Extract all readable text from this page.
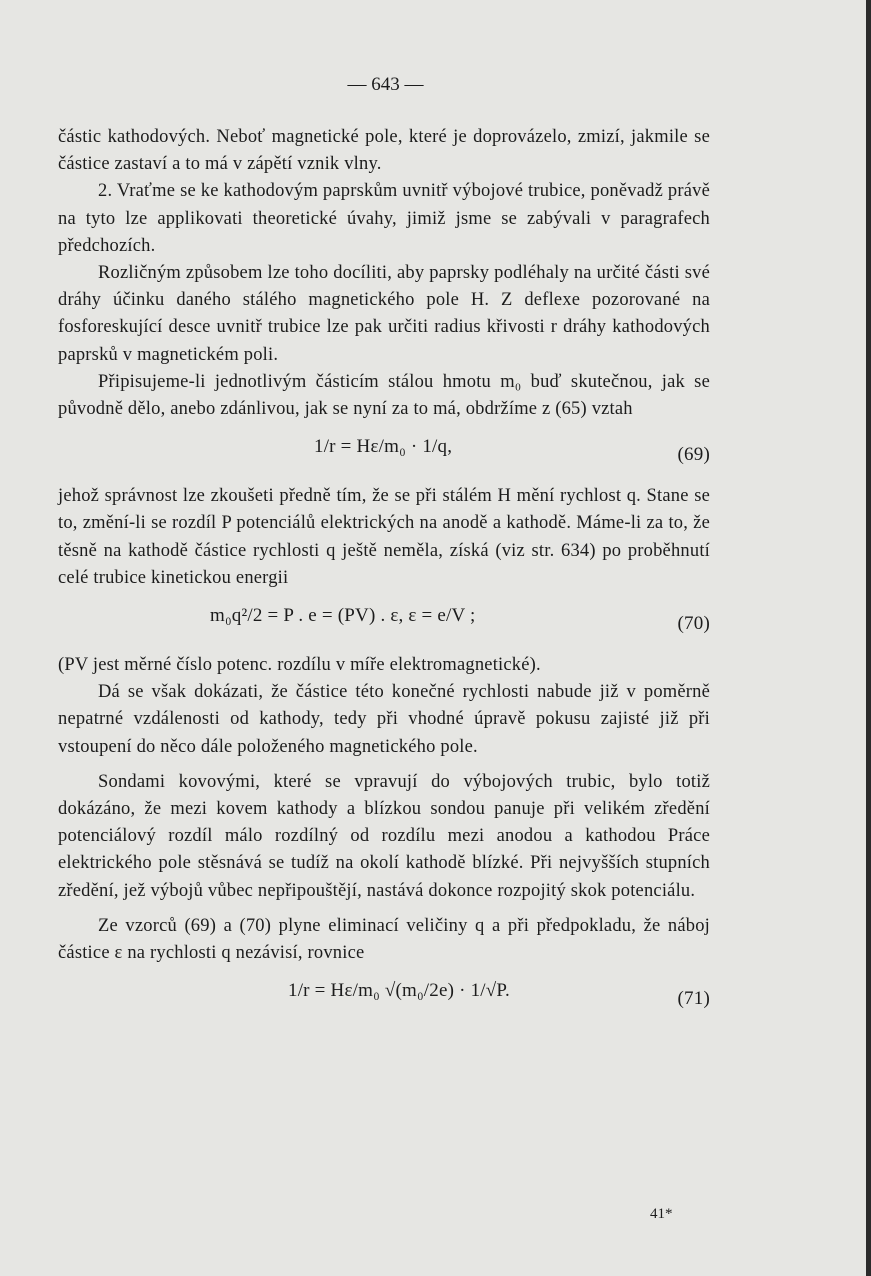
— 643 —

částic kathodových. Neboť magnetické pole, které je doprovázelo, zmizí, jakmile se částice zastaví a to má v zápětí vznik vlny.

2. Vraťme se ke kathodovým paprskům uvnitř výbojové trubice, poněvadž právě na tyto lze applikovati theoretické úvahy, jimiž jsme se zabývali v paragrafech předchozích.

Rozličným způsobem lze toho docíliti, aby paprsky podléhaly na určité části své dráhy účinku daného stálého magnetického pole H. Z deflexe pozorované na fosforeskující desce uvnitř trubice lze pak určiti radius křivosti r dráhy kathodových paprsků v magnetickém poli.

Připisujeme-li jednotlivým částicím stálou hmotu m₀ buď skutečnou, jak se původně dělo, anebo zdánlivou, jak se nyní za to má, obdržíme z (65) vztah

1/r = Hε/m₀ · 1/q,	(69)

jehož správnost lze zkoušeti předně tím, že se při stálém H mění rychlost q. Stane se to, změní-li se rozdíl P potenciálů elektrických na anodě a kathodě. Máme-li za to, že těsně na kathodě částice rychlosti q ještě neměla, získá (viz str. 634) po proběhnutí celé trubice kinetickou energii

m₀q²/2 = P . e = (PV) . ε, ε = e/V ;	(70)

(PV jest měrné číslo potenc. rozdílu v míře elektromagnetické).

Dá se však dokázati, že částice této konečné rychlosti nabude již v poměrně nepatrné vzdálenosti od kathody, tedy při vhodné úpravě pokusu zajisté již při vstoupení do něco dále položeného magnetického pole.

Sondami kovovými, které se vpravují do výbojových trubic, bylo totiž dokázáno, že mezi kovem kathody a blízkou sondou panuje při velikém zředění potenciálový rozdíl málo rozdílný od rozdílu mezi anodou a kathodou Práce elektrického pole stěsnává se tudíž na okolí kathodě blízké. Při nejvyšších stupních zředění, jež výbojů vůbec nepřipouštějí, nastává dokonce rozpojitý skok potenciálu.

Ze vzorců (69) a (70) plyne eliminací veličiny q a při předpokladu, že náboj částice ε na rychlosti q nezávisí, rovnice

1/r = Hε/m₀ √(m₀/2e) · 1/√P.	(71)
41*
